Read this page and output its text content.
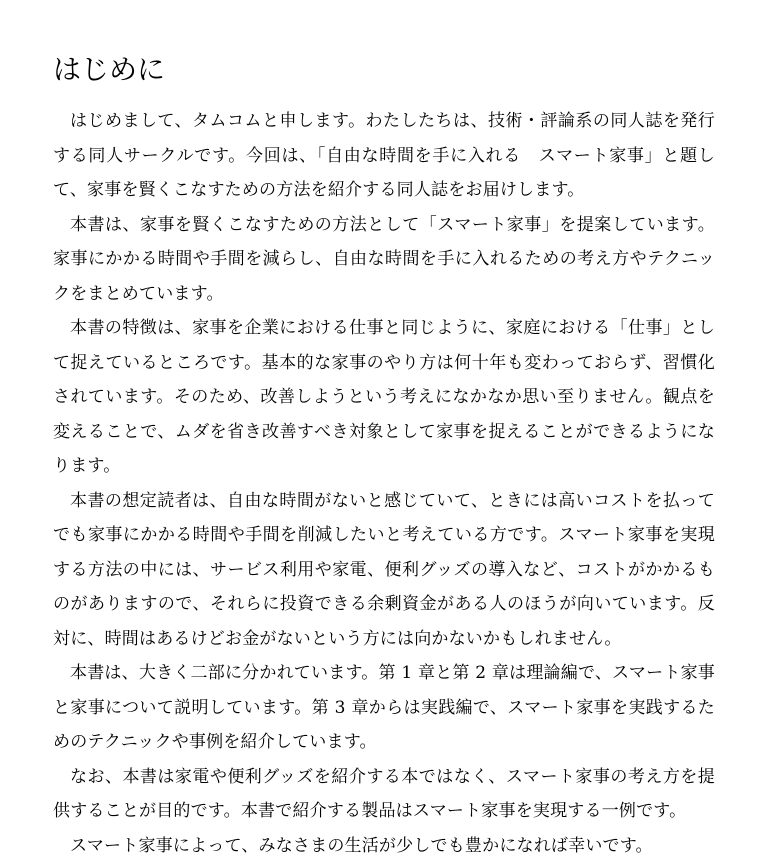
はじめに

はじめまして、タムコムと申します。わたしたちは、技術・評論系の同人誌を発行する同人サークルです。今回は、「自由な時間を手に入れる　スマート家事」と題して、家事を賢くこなすための方法を紹介する同人誌をお届けします。

本書は、家事を賢くこなすための方法として「スマート家事」を提案しています。家事にかかる時間や手間を減らし、自由な時間を手に入れるための考え方やテクニックをまとめています。

本書の特徴は、家事を企業における仕事と同じように、家庭における「仕事」として捉えているところです。基本的な家事のやり方は何十年も変わっておらず、習慣化されています。そのため、改善しようという考えになかなか思い至りません。観点を変えることで、ムダを省き改善すべき対象として家事を捉えることができるようになります。

本書の想定読者は、自由な時間がないと感じていて、ときには高いコストを払ってでも家事にかかる時間や手間を削減したいと考えている方です。スマート家事を実現する方法の中には、サービス利用や家電、便利グッズの導入など、コストがかかるものがありますので、それらに投資できる余剰資金がある人のほうが向いています。反対に、時間はあるけどお金がないという方には向かないかもしれません。

本書は、大きく二部に分かれています。第 1 章と第 2 章は理論編で、スマート家事と家事について説明しています。第 3 章からは実践編で、スマート家事を実践するためのテクニックや事例を紹介しています。

なお、本書は家電や便利グッズを紹介する本ではなく、スマート家事の考え方を提供することが目的です。本書で紹介する製品はスマート家事を実現する一例です。

スマート家事によって、みなさまの生活が少しでも豊かになれば幸いです。
